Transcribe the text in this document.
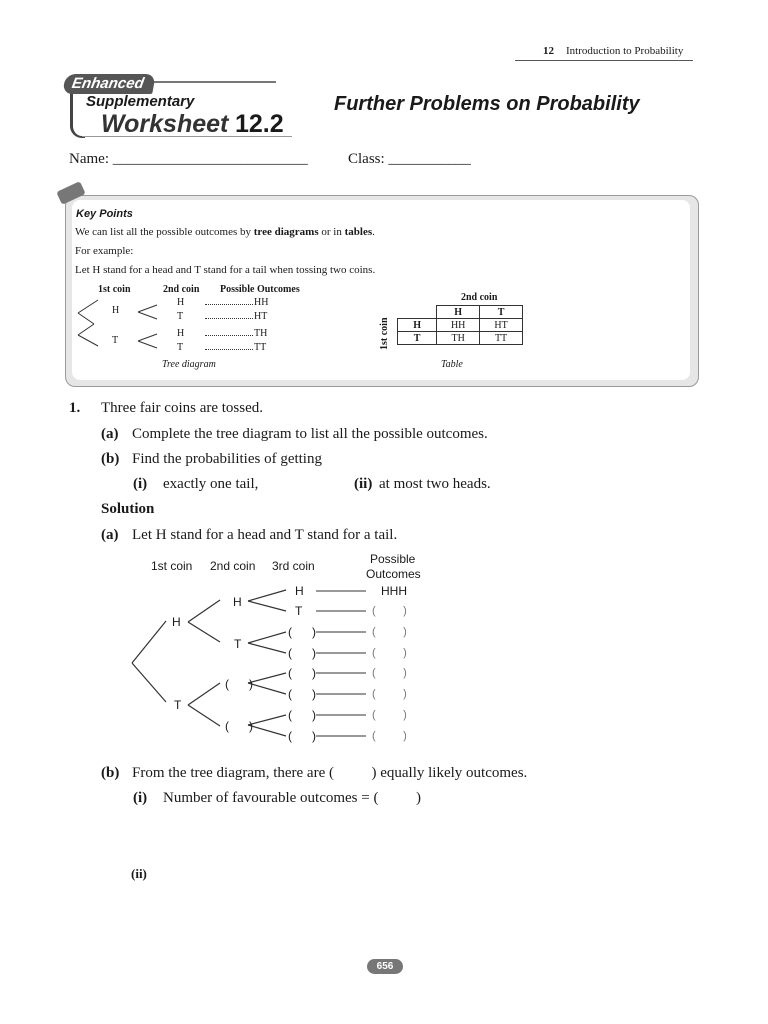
12 Introduction to Probability
Enhanced
Supplementary
Worksheet 12.2
Further Problems on Probability
Name: __________________________	Class: ___________
Key Points
We can list all the possible outcomes by tree diagrams or in tables.
For example:
Let H stand for a head and T stand for a tail when tossing two coins.
1st coin	2nd coin Possible Outcomes
H
T
H
T
H
T
HH
HT
TH
TT
Tree diagram
2nd coin
1st coin
	H	T
H	HH	HT
T	TH	TT
Table
1. Three fair coins are tossed.
(a) Complete the tree diagram to list all the possible outcomes.
(b) Find the probabilities of getting
(i) exactly one tail,	(ii) at most two heads.
Solution
(a) Let H stand for a head and T stand for a tail.
1st coin 2nd coin 3rd coin	Possible
Outcomes
H
T
H
T
(      )
(      )
H
T
(      )
(      )
(      )
(      )
(      )
(      )
HHH
(         )
(         )
(         )
(         )
(         )
(         )
(         )
(b) From the tree diagram, there are (          ) equally likely outcomes.
(i) Number of favourable outcomes = (          )
(ii)
656
